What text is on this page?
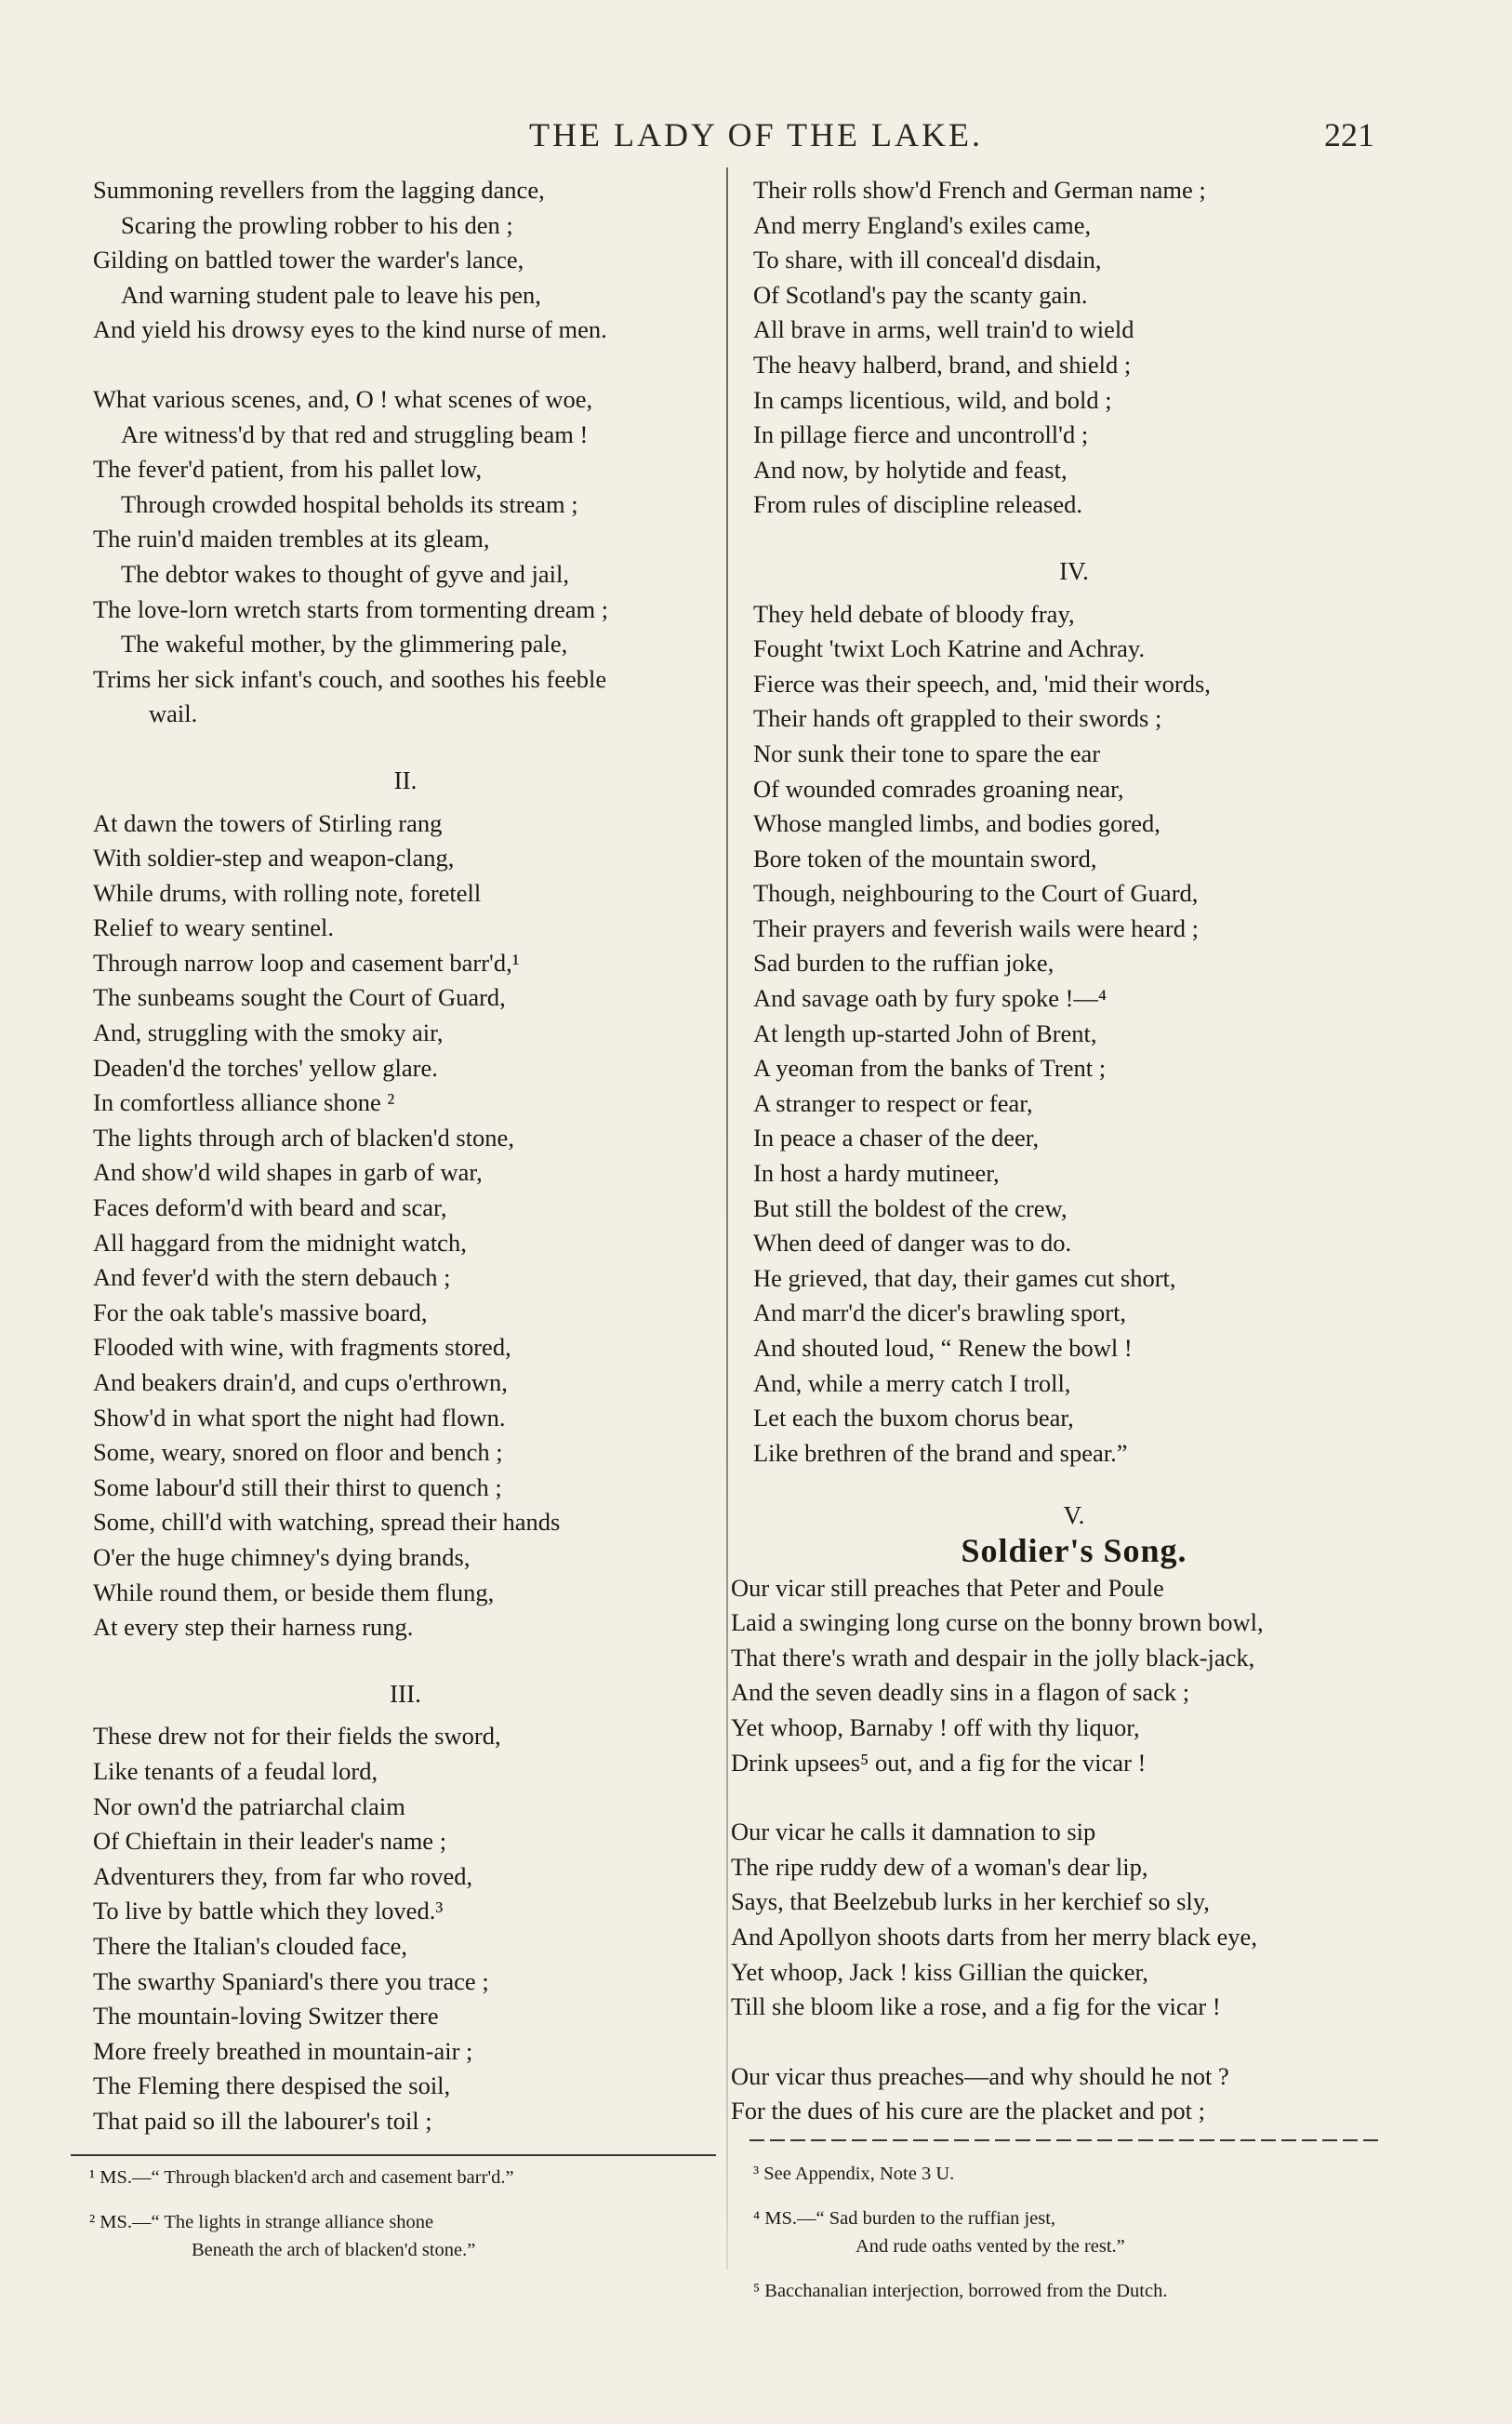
THE LADY OF THE LAKE.	221
Summoning revellers from the lagging dance,
Scaring the prowling robber to his den ;
Gilding on battled tower the warder's lance,
And warning student pale to leave his pen,
And yield his drowsy eyes to the kind nurse of men.
What various scenes, and, O ! what scenes of woe,
Are witness'd by that red and struggling beam !
The fever'd patient, from his pallet low,
Through crowded hospital beholds its stream ;
The ruin'd maiden trembles at its gleam,
The debtor wakes to thought of gyve and jail,
The love-lorn wretch starts from tormenting dream ;
The wakeful mother, by the glimmering pale,
Trims her sick infant's couch, and soothes his feeble
wail.
II.
At dawn the towers of Stirling rang
With soldier-step and weapon-clang,
While drums, with rolling note, foretell
Relief to weary sentinel.
Through narrow loop and casement barr'd,¹
The sunbeams sought the Court of Guard,
And, struggling with the smoky air,
Deaden'd the torches' yellow glare.
In comfortless alliance shone ²
The lights through arch of blacken'd stone,
And show'd wild shapes in garb of war,
Faces deform'd with beard and scar,
All haggard from the midnight watch,
And fever'd with the stern debauch ;
For the oak table's massive board,
Flooded with wine, with fragments stored,
And beakers drain'd, and cups o'erthrown,
Show'd in what sport the night had flown.
Some, weary, snored on floor and bench ;
Some labour'd still their thirst to quench ;
Some, chill'd with watching, spread their hands
O'er the huge chimney's dying brands,
While round them, or beside them flung,
At every step their harness rung.
III.
These drew not for their fields the sword,
Like tenants of a feudal lord,
Nor own'd the patriarchal claim
Of Chieftain in their leader's name ;
Adventurers they, from far who roved,
To live by battle which they loved.³
There the Italian's clouded face,
The swarthy Spaniard's there you trace ;
The mountain-loving Switzer there
More freely breathed in mountain-air ;
The Fleming there despised the soil,
That paid so ill the labourer's toil ;
Their rolls show'd French and German name ;
And merry England's exiles came,
To share, with ill conceal'd disdain,
Of Scotland's pay the scanty gain.
All brave in arms, well train'd to wield
The heavy halberd, brand, and shield ;
In camps licentious, wild, and bold ;
In pillage fierce and uncontroll'd ;
And now, by holytide and feast,
From rules of discipline released.
IV.
They held debate of bloody fray,
Fought 'twixt Loch Katrine and Achray.
Fierce was their speech, and, 'mid their words,
Their hands oft grappled to their swords ;
Nor sunk their tone to spare the ear
Of wounded comrades groaning near,
Whose mangled limbs, and bodies gored,
Bore token of the mountain sword,
Though, neighbouring to the Court of Guard,
Their prayers and feverish wails were heard ;
Sad burden to the ruffian joke,
And savage oath by fury spoke !—⁴
At length up-started John of Brent,
A yeoman from the banks of Trent ;
A stranger to respect or fear,
In peace a chaser of the deer,
In host a hardy mutineer,
But still the boldest of the crew,
When deed of danger was to do.
He grieved, that day, their games cut short,
And marr'd the dicer's brawling sport,
And shouted loud, “ Renew the bowl !
And, while a merry catch I troll,
Let each the buxom chorus bear,
Like brethren of the brand and spear.”
V.
Soldier's Song.
Our vicar still preaches that Peter and Poule
Laid a swinging long curse on the bonny brown bowl,
That there's wrath and despair in the jolly black-jack,
And the seven deadly sins in a flagon of sack ;
Yet whoop, Barnaby ! off with thy liquor,
Drink upsees⁵ out, and a fig for the vicar !
Our vicar he calls it damnation to sip
The ripe ruddy dew of a woman's dear lip,
Says, that Beelzebub lurks in her kerchief so sly,
And Apollyon shoots darts from her merry black eye,
Yet whoop, Jack ! kiss Gillian the quicker,
Till she bloom like a rose, and a fig for the vicar !
Our vicar thus preaches—and why should he not ?
For the dues of his cure are the placket and pot ;
¹ MS.—“ Through blacken'd arch and casement barr'd.”
² MS.—“ The lights in strange alliance shone
Beneath the arch of blacken'd stone.”
³ See Appendix, Note 3 U.
⁴ MS.—“ Sad burden to the ruffian jest,
And rude oaths vented by the rest.”
⁵ Bacchanalian interjection, borrowed from the Dutch.
